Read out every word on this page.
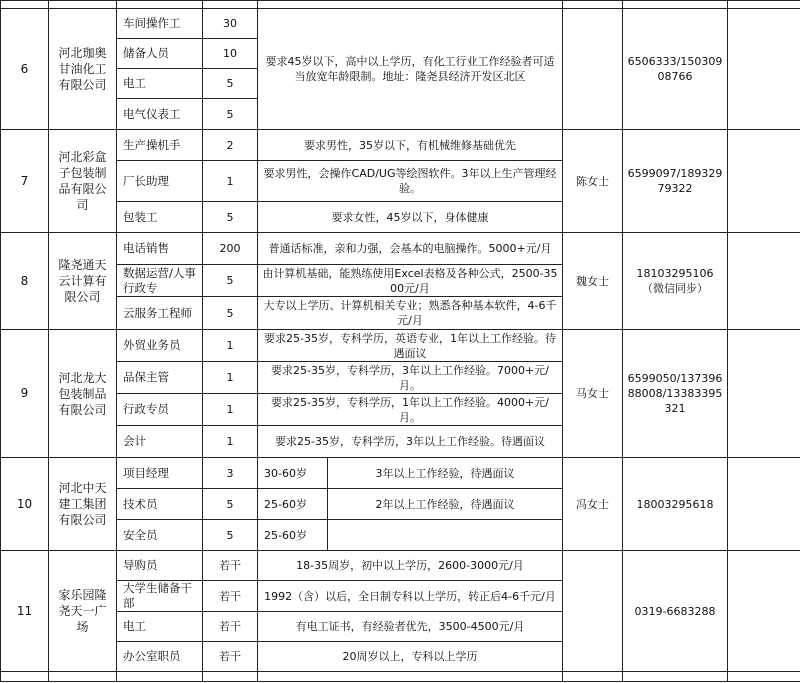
6	河北珈奥甘油化工有限公司	车间操作工	30	要求45岁以下，高中以上学历，有化工行业工作经验者可适当放宽年龄限制。地址：隆尧县经济开发区北区			6506333/15030908766	
		储备人员	10					
		电工	5					
		电气仪表工	5					
7	河北彩盒子包装制品有限公司	生产操机手	2	要求男性，35岁以下，有机械维修基础优先		陈女士	6599097/18932979322	
		厂长助理	1	要求男性，会操作CAD/UG等绘图软件。3年以上生产管理经验。				
		包装工	5	要求女性，45岁以下，身体健康				
8	隆尧通天云计算有限公司	电话销售	200	普通话标准，亲和力强，会基本的电脑操作。5000+元/月		魏女士	18103295106（微信同步）	
		数据运营/人事行政专	5	由计算机基础，能熟练使用Excel表格及各种公式，2500-3500元/月				
		云服务工程师	5	大专以上学历、计算机相关专业；熟悉各种基本软件，4-6千元/月				
9	河北龙大包装制品有限公司	外贸业务员	1	要求25-35岁，专科学历，英语专业，1年以上工作经验。待遇面议		马女士	6599050/13739688008/13383395321	
		品保主管	1	要求25-35岁，专科学历，3年以上工作经验。7000+元/月。				
		行政专员	1	要求25-35岁，专科学历，1年以上工作经验。4000+元/月。				
		会计	1	要求25-35岁，专科学历，3年以上工作经验。待遇面议				
10	河北中天建工集团有限公司	项目经理	3	30-60岁	3年以上工作经验，待遇面议	冯女士	18003295618	
		技术员	5	25-60岁	2年以上工作经验，待遇面议			
		安全员	5	25-60岁				
11	家乐园隆尧天一广场	导购员	若干	18-35周岁，初中以上学历，2600-3000元/月			0319-6683288	
		大学生储备干部	若干	1992（含）以后，全日制专科以上学历，转正后4-6千元/月				
		电工	若干	有电工证书，有经验者优先，3500-4500元/月				
		办公室职员	若干	20周岁以上，专科以上学历				
